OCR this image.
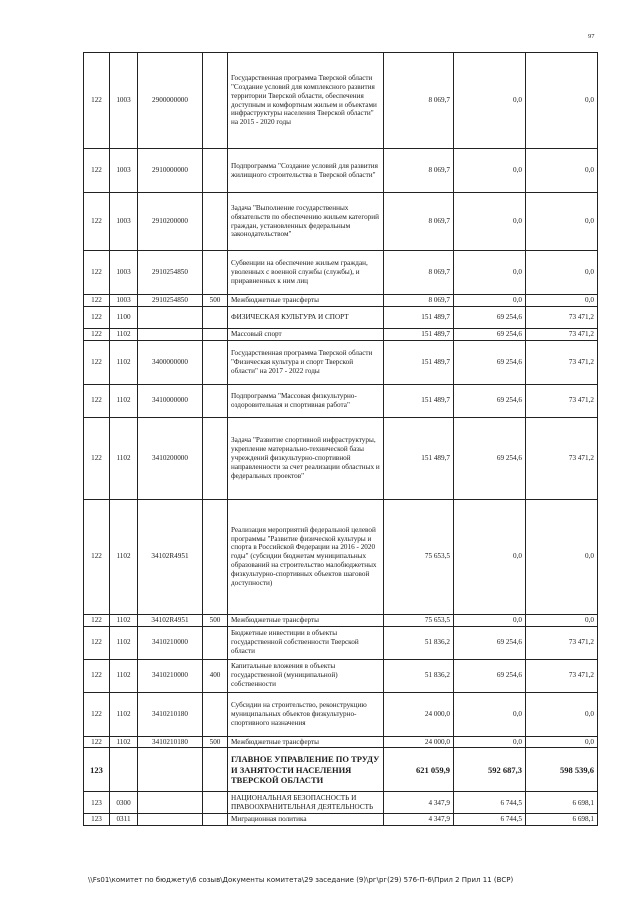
97
122	1003	2900000000		Государственная программа Тверской области "Создание условий для комплексного развития территории Тверской области, обеспечения доступным и комфортным жильем и объектами инфраструктуры населения Тверской области" на 2015 - 2020 годы	8 069,7	0,0	0,0
122	1003	2910000000		Подпрограмма "Создание условий для развития жилищного строительства в Тверской области"	8 069,7	0,0	0,0
122	1003	2910200000		Задача "Выполнение государственных обязательств по обеспечению жильем категорий граждан, установленных федеральным законодательством"	8 069,7	0,0	0,0
122	1003	2910254850		Субвенции на обеспечение жильем граждан, уволенных с военной службы (службы), и приравненных к ним лиц	8 069,7	0,0	0,0
122	1003	2910254850	500	Межбюджетные трансферты	8 069,7	0,0	0,0
122	1100			ФИЗИЧЕСКАЯ КУЛЬТУРА И СПОРТ	151 489,7	69 254,6	73 471,2
122	1102			Массовый спорт	151 489,7	69 254,6	73 471,2
122	1102	3400000000		Государственная программа Тверской области "Физическая культура и спорт Тверской области" на 2017 - 2022 годы	151 489,7	69 254,6	73 471,2
122	1102	3410000000		Подпрограмма "Массовая физкультурно-оздоровительная и спортивная работа"	151 489,7	69 254,6	73 471,2
122	1102	3410200000		Задача "Развитие спортивной инфраструктуры, укрепление материально-технической базы учреждений физкультурно-спортивной направленности за счет реализации областных и федеральных проектов"	151 489,7	69 254,6	73 471,2
122	1102	34102R4951		Реализация мероприятий федеральной целевой программы "Развитие физической культуры и спорта в Российской Федерации на 2016 - 2020 годы" (субсидии бюджетам муниципальных образований на строительство малобюджетных физкультурно-спортивных объектов шаговой доступности)	75 653,5	0,0	0,0
122	1102	34102R4951	500	Межбюджетные трансферты	75 653,5	0,0	0,0
122	1102	3410210000		Бюджетные инвестиции в объекты государственной собственности Тверской области	51 836,2	69 254,6	73 471,2
122	1102	3410210000	400	Капитальные вложения в объекты государственной (муниципальной) собственности	51 836,2	69 254,6	73 471,2
122	1102	3410210180		Субсидии на строительство, реконструкцию муниципальных объектов физкультурно-спортивного назначения	24 000,0	0,0	0,0
122	1102	3410210180	500	Межбюджетные трансферты	24 000,0	0,0	0,0
123				ГЛАВНОЕ УПРАВЛЕНИЕ ПО ТРУДУ И ЗАНЯТОСТИ НАСЕЛЕНИЯ ТВЕРСКОЙ ОБЛАСТИ	621 059,9	592 687,3	598 539,6
123	0300			НАЦИОНАЛЬНАЯ БЕЗОПАСНОСТЬ И ПРАВООХРАНИТЕЛЬНАЯ ДЕЯТЕЛЬНОСТЬ	4 347,9	6 744,5	6 698,1
123	0311			Миграционная политика	4 347,9	6 744,5	6 698,1
\\Fs01\комитет по бюджету\6 созыв\Документы комитета\29 заседание (9)\рг\рг(29) 576-П-6\Прил 2 Прил 11 (ВСР)
